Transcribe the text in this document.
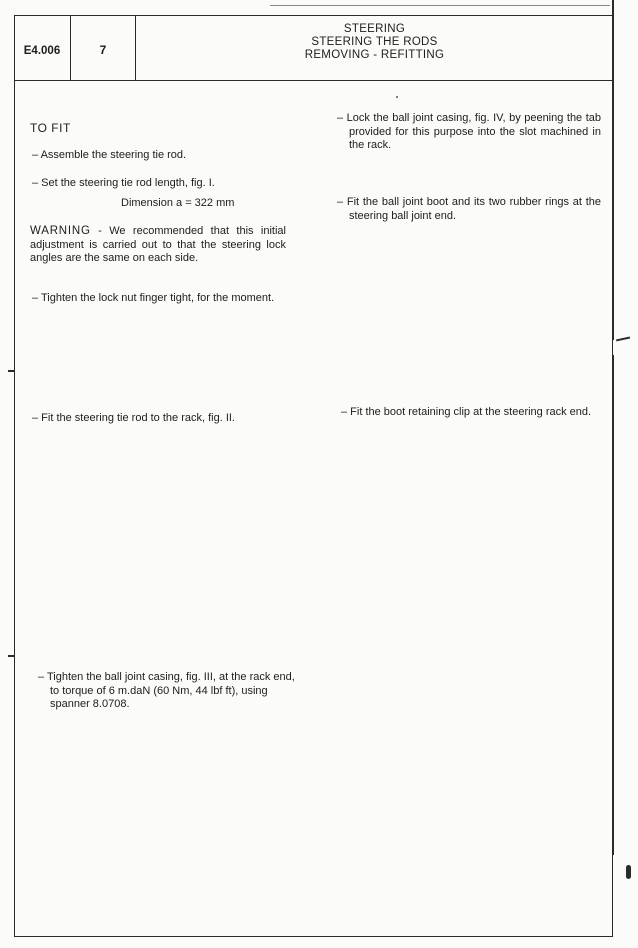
E4.006	7
STEERING
STEERING THE RODS
REMOVING - REFITTING
TO FIT
– Assemble the steering tie rod.
– Set the steering tie rod length, fig. I.
Dimension a = 322 mm
WARNING - We recommended that this initial adjustment is carried out to that the steering lock angles are the same on each side.
– Tighten the lock nut finger tight, for the moment.
– Fit the steering tie rod to the rack, fig. II.
– Tighten the ball joint casing, fig. III, at the rack end, to torque of 6 m.daN (60 Nm, 44 lbf ft), using spanner 8.0708.
– Lock the ball joint casing, fig. IV, by peening the tab provided for this purpose into the slot machined in the rack.
– Fit the ball joint boot and its two rubber rings at the steering ball joint end.
– Fit the boot retaining clip at the steering rack end.
